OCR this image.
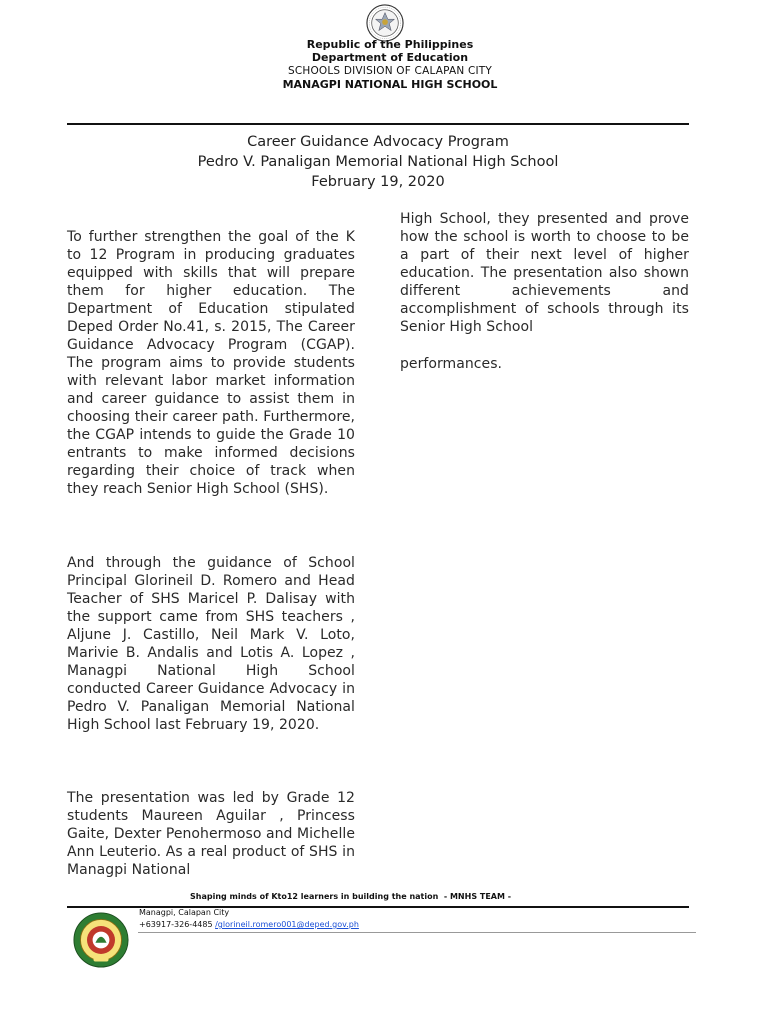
Republic of the Philippines
Department of Education
SCHOOLS DIVISION OF CALAPAN CITY
MANAGPI NATIONAL HIGH SCHOOL
Career Guidance Advocacy Program
Pedro V. Panaligan Memorial National High School
February 19, 2020

To further strengthen the goal of the K to 12 Program in producing graduates equipped with skills that will prepare them for higher education. The Department of Education stipulated Deped Order No.41, s. 2015, The Career Guidance Advocacy Program (CGAP). The program aims to provide students with relevant labor market information and career guidance to assist them in choosing their career path. Furthermore, the CGAP intends to guide the Grade 10 entrants to make informed decisions regarding their choice of track when they reach Senior High School (SHS).

And through the guidance of School Principal Glorineil D. Romero and Head Teacher of SHS Maricel P. Dalisay with the support came from SHS teachers , Aljune J. Castillo, Neil Mark V. Loto, Marivie B. Andalis and Lotis A. Lopez , Managpi National High School conducted Career Guidance Advocacy in Pedro V. Panaligan Memorial National High School last February 19, 2020.

The presentation was led by Grade 12 students Maureen Aguilar , Princess Gaite, Dexter Penohermoso and Michelle Ann Leuterio. As a real product of SHS in Managpi National

High School, they presented and prove how the school is worth to choose to be a part of their next level of higher education. The presentation also shown different achievements and accomplishment of schools through its Senior High School

performances.

Shaping minds of Kto12 learners in building the nation  - MNHS TEAM -
Managpi, Calapan City
+63917-326-4485 /glorineil.romero001@deped.gov.ph
